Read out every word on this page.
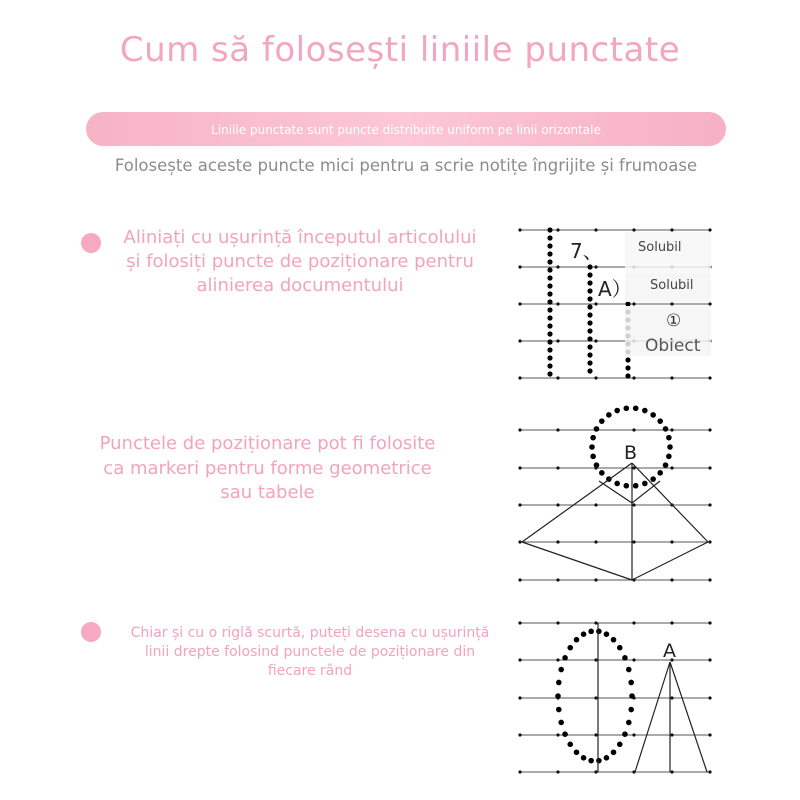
Cum să folosești liniile punctate
Liniile punctate sunt puncte distribuite uniform pe linii orizontale
Folosește aceste puncte mici pentru a scrie notițe îngrijite și frumoase
Aliniați cu ușurință începutul articolului
și folosiți puncte de poziționare pentru
alinierea documentului
7、
A）
Solubil
Solubil
①
Obiect
Punctele de poziționare pot fi folosite
ca markeri pentru forme geometrice
sau tabele
B
Chiar și cu o riglă scurtă, puteți desena cu ușurință
linii drepte folosind punctele de poziționare din
fiecare rând
A
